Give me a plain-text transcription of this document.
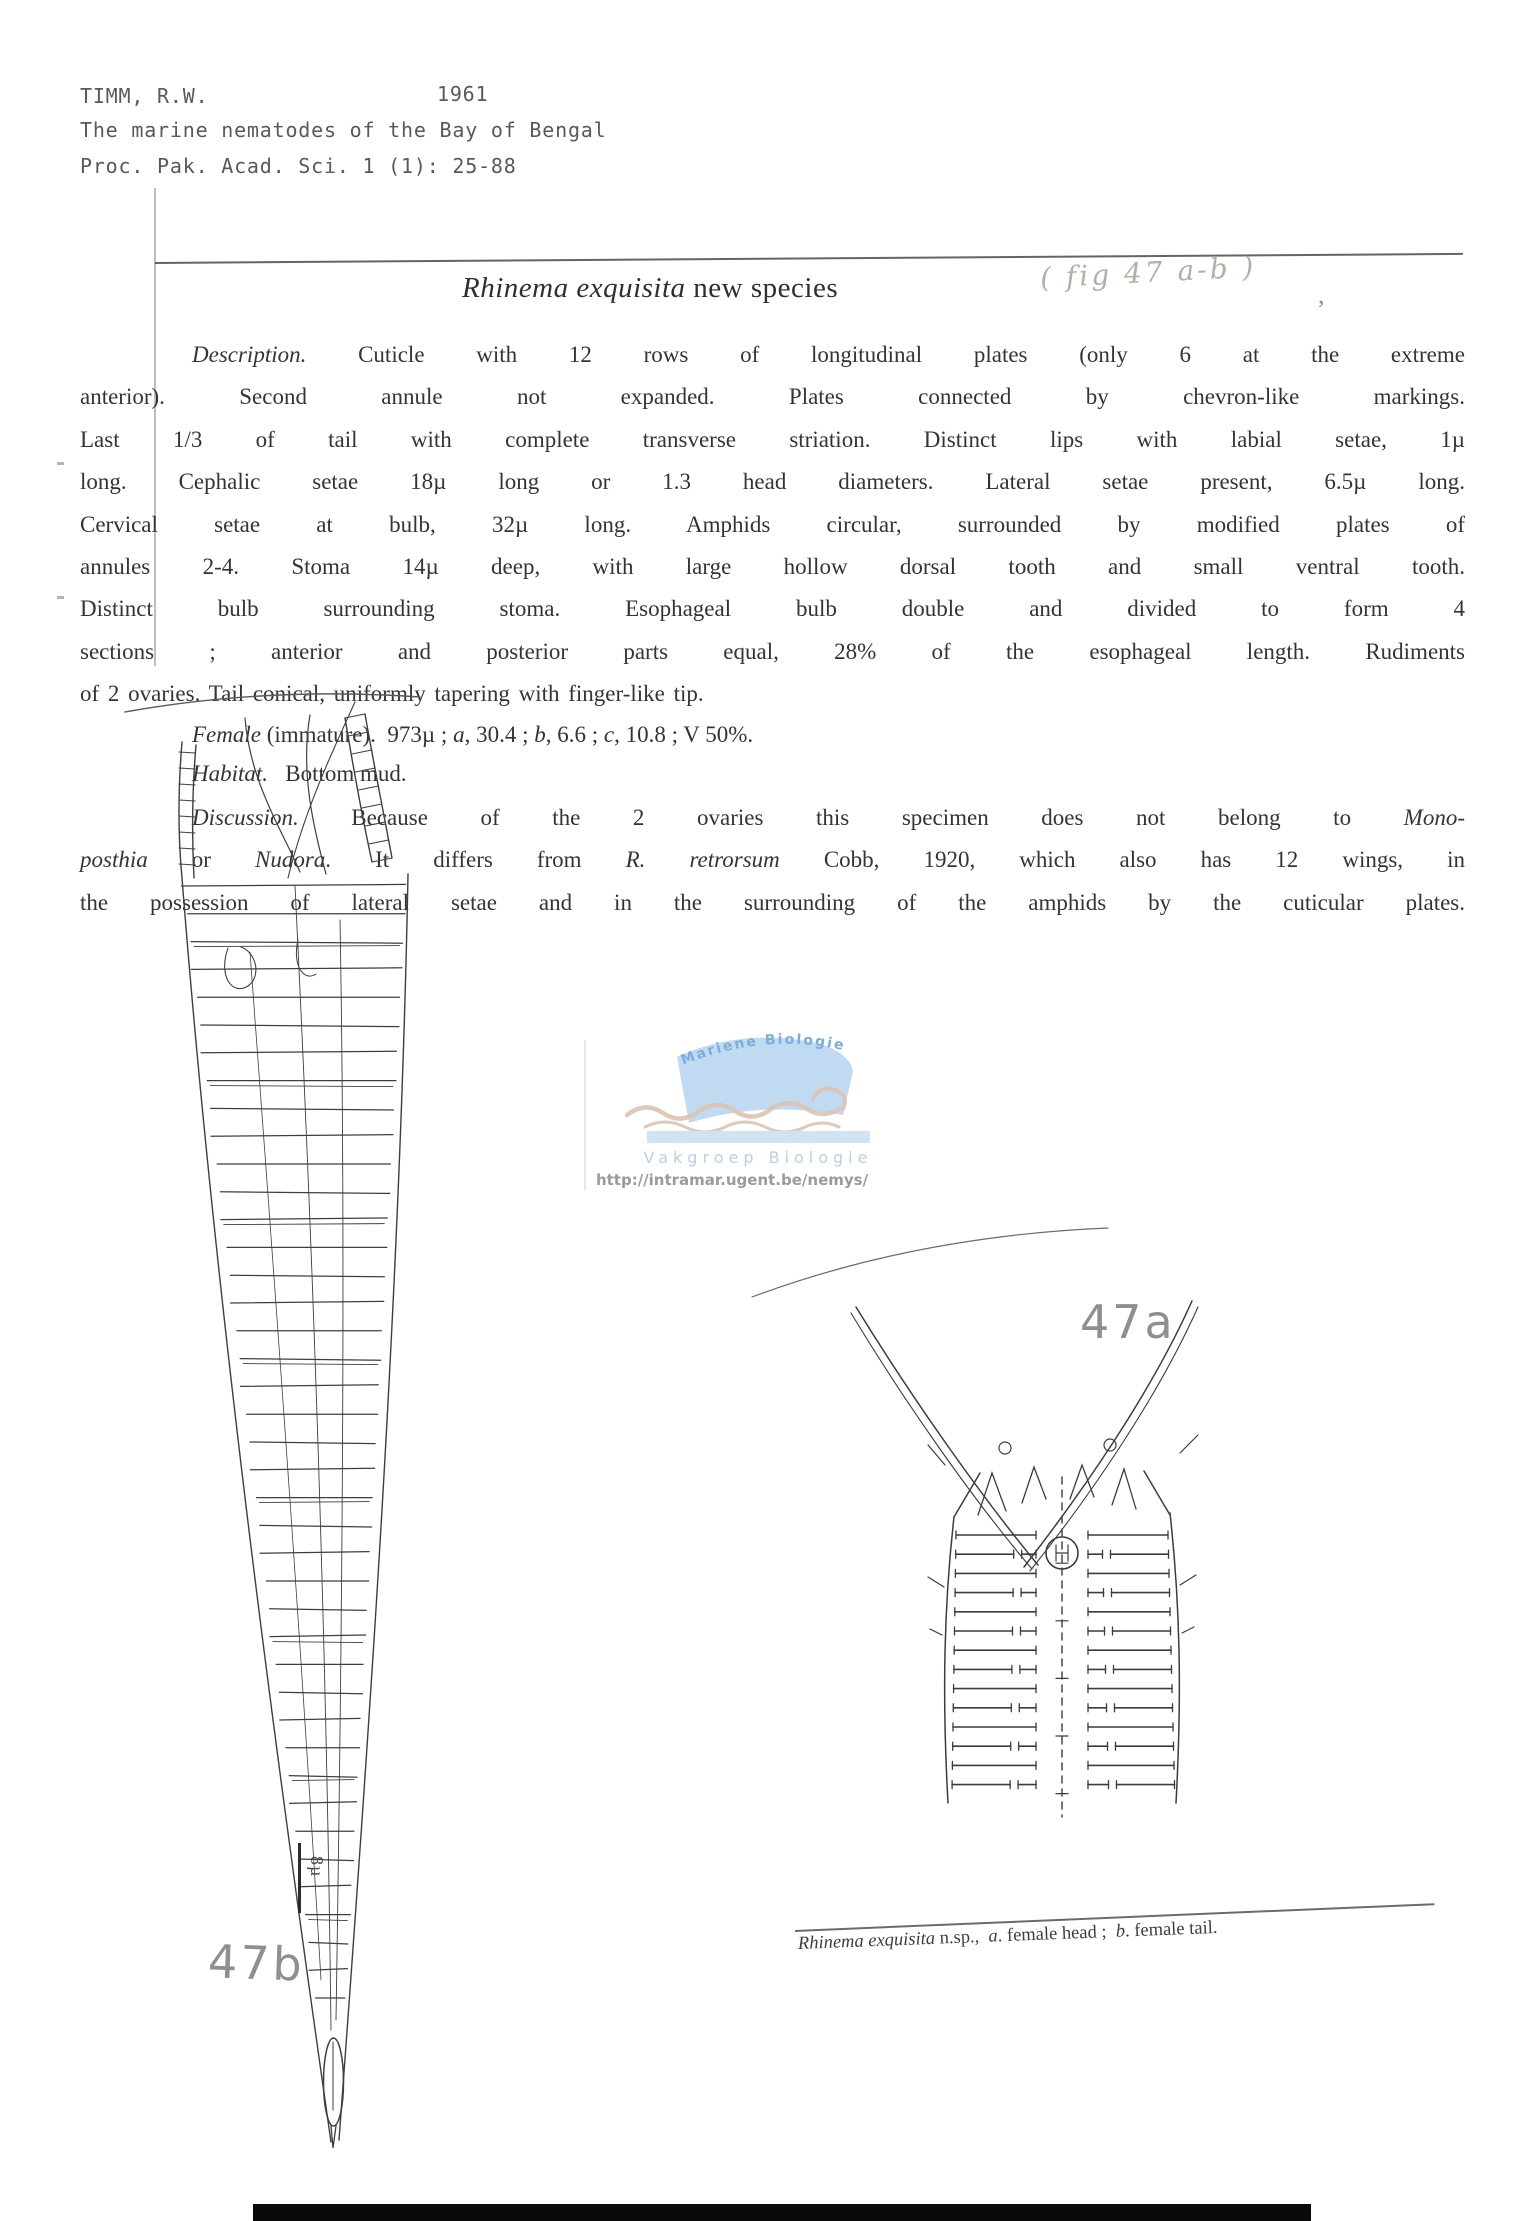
TIMM, R.W.	1961
The marine nematodes of the Bay of Bengal
Proc. Pak. Acad. Sci. 1 (1): 25-88
Rhinema exquisita new species	( fig 47 a-b ) ,
Description. Cuticle with 12 rows of longitudinal plates (only 6 at the extreme
anterior). Second annule not expanded. Plates connected by chevron-like markings.
Last 1/3 of tail with complete transverse striation. Distinct lips with labial setae, 1µ
long. Cephalic setae 18µ long or 1.3 head diameters. Lateral setae present, 6.5µ long.
Cervical setae at bulb, 32µ long. Amphids circular, surrounded by modified plates of
annules 2-4. Stoma 14µ deep, with large hollow dorsal tooth and small ventral tooth.
Distinct bulb surrounding stoma. Esophageal bulb double and divided to form 4
sections ; anterior and posterior parts equal, 28% of the esophageal length. Rudiments
of 2 ovaries. Tail conical, uniformly tapering with finger-like tip.
Female (immature).  973µ ; a, 30.4 ; b, 6.6 ; c, 10.8 ; V 50%.
Habitat.   Bottom mud.
Discussion. Because of the 2 ovaries this specimen does not belong to Mono-
posthia or Nudora. It differs from R. retrorsum Cobb, 1920, which also has 12 wings, in
the possession of lateral setae and in the surrounding of the amphids by the cuticular plates.
47b
8µ
Mariene Biologie
Vakgroep Biologie
http://intramar.ugent.be/nemys/
47a
Rhinema exquisita n.sp.,  a. female head ;  b. female tail.
